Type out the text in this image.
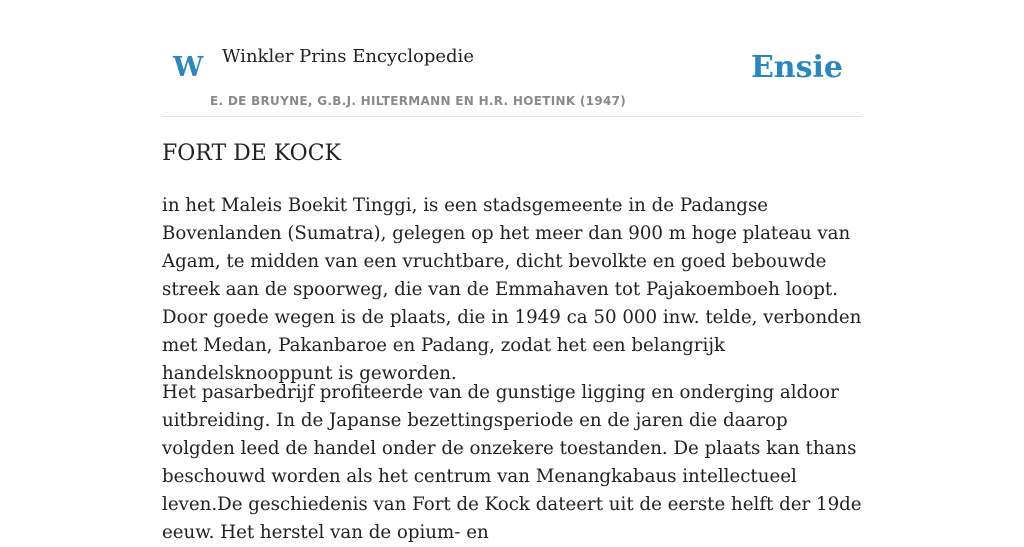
W Winkler Prins Encyclopedie	Ensie
E. DE BRUYNE, G.B.J. HILTERMANN EN H.R. HOETINK (1947)
FORT DE KOCK

in het Maleis Boekit Tinggi, is een stadsgemeente in de Padangse Bovenlanden (Sumatra), gelegen op het meer dan 900 m hoge plateau van Agam, te midden van een vruchtbare, dicht bevolkte en goed bebouwde streek aan de spoorweg, die van de Emmahaven tot Pajakoemboeh loopt. Door goede wegen is de plaats, die in 1949 ca 50 000 inw. telde, verbonden met Medan, Pakanbaroe en Padang, zodat het een belangrijk handelsknooppunt is geworden.

Het pasarbedrijf profiteerde van de gunstige ligging en onderging aldoor uitbreiding. In de Japanse bezettingsperiode en de jaren die daarop volgden leed de handel onder de onzekere toestanden. De plaats kan thans beschouwd worden als het centrum van Menangkabaus intellectueel leven.De geschiedenis van Fort de Kock dateert uit de eerste helft der 19de eeuw. Het herstel van de opium- en
